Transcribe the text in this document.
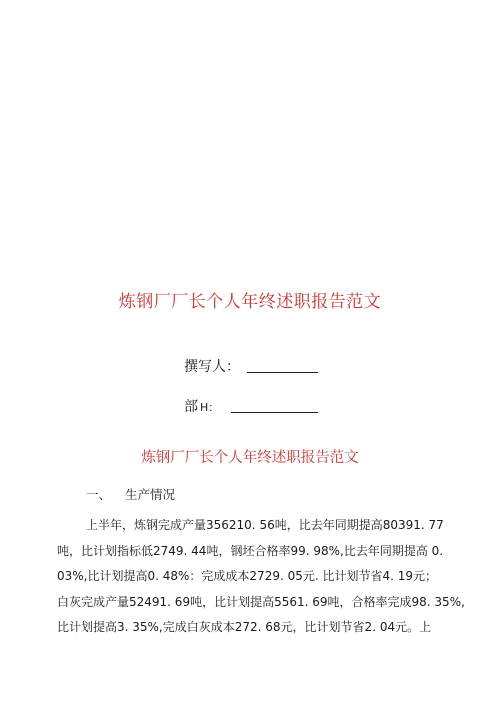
炼钢厂厂长个人年终述职报告范文
撰写人：
部 H：
炼钢厂厂长个人年终述职报告范文
一、 生产情况
上半年，炼钢完成产量356210. 56吨，比去年同期提高80391. 77
吨，比计划指标低2749. 44吨，钢坯合格率99. 98%,比去年同期提高 0.
03%,比计划提高0. 48%：完成成本2729. 05元. 比计划节省4. 19元；
白灰完成产量52491. 69吨，比计划提高5561. 69吨，合格率完成98. 35%,
比计划提高3. 35%,完成白灰成本272. 68元，比计划节省2. 04元。上
